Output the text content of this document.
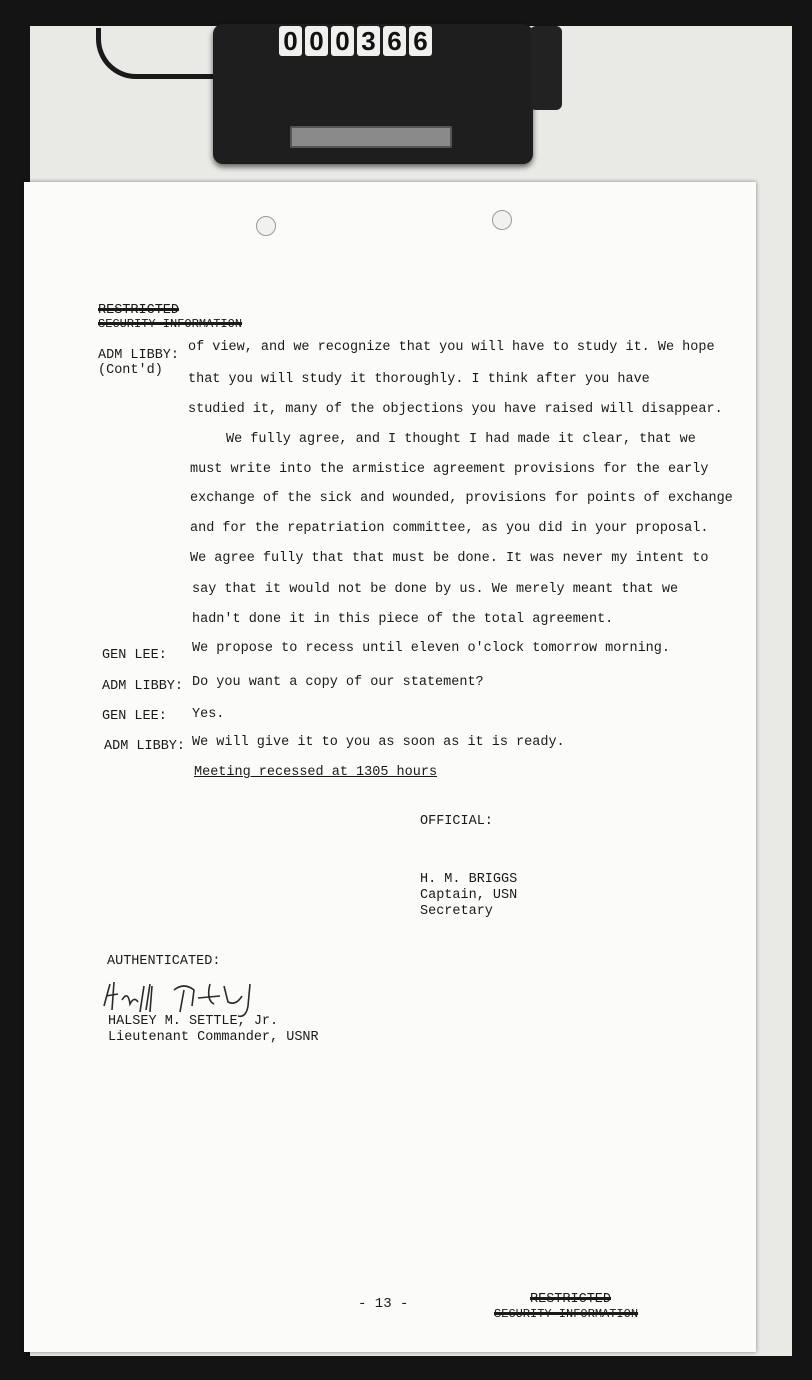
0 0 0 3 6 6
RESTRICTED
SECURITY INFORMATION
ADM LIBBY:
(Cont'd)
of view, and we recognize that you will have to study it. We hope
that you will study it thoroughly. I think after you have
studied it, many of the objections you have raised will disappear.
We fully agree, and I thought I had made it clear, that we
must write into the armistice agreement provisions for the early
exchange of the sick and wounded, provisions for points of exchange
and for the repatriation committee, as you did in your proposal.
We agree fully that that must be done. It was never my intent to
say that it would not be done by us. We merely meant that we
hadn't done it in this piece of the total agreement.
GEN LEE: We propose to recess until eleven o'clock tomorrow morning.
ADM LIBBY: Do you want a copy of our statement?
GEN LEE: Yes.
ADM LIBBY: We will give it to you as soon as it is ready.
Meeting recessed at 1305 hours
OFFICIAL:
H. M. BRIGGS
Captain, USN
Secretary
AUTHENTICATED:
HALSEY M. SETTLE, Jr.
Lieutenant Commander, USNR
- 13 -	RESTRICTED
SECURITY INFORMATION
